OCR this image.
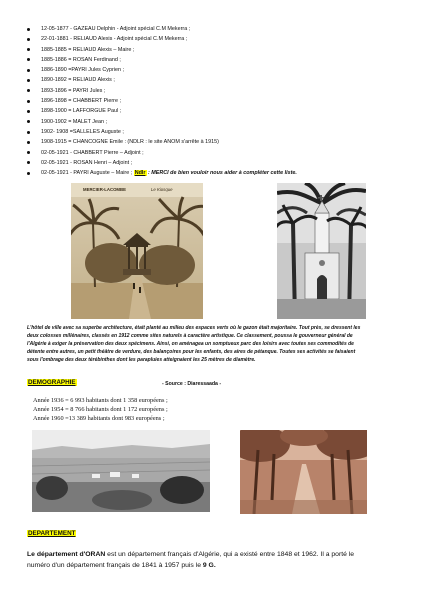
12-05-1877 - GAZEAU Delphin - Adjoint spécial C.M Mekerra ;
22-01-1881 - RELIAUD Alexis - Adjoint spécial C.M Mekerra ;
1885-1885 = RELIAUD Alexis – Maire ;
1885-1886 = ROSAN Ferdinand ;
1886-1890 =PAYRI Jules Cyprien ;
1890-1892 = RELIAUD Alexis ;
1893-1896 = PAYRI Jules ;
1896-1898 = CHABBERT Pierre ;
1898-1900 = LAFFORGUE Paul ;
1900-1902 = MALET Jean ;
1902- 1908 =SALLELES Auguste ;
1908-1915 = CHANCOGNE Emile : (NDLR : le site ANOM s'arrête à 1915)
02-05-1921 - CHABBERT Pierre – Adjoint ;
02-05-1921 - ROSAN Henri – Adjoint ;
02-05-1921 - PAYRI Auguste – Maire ; Ndlr : MERCI de bien vouloir nous aider à compléter cette liste.
MERCIER-LACOMBE	Le Kiosque
L'hôtel de ville avec sa superbe architecture, était planté au milieu des espaces verts où le gazon était majoritaire. Tout près, se dressent les
deux colosses millénaires, classés en 1912 comme sites naturels à caractère artistique. Ce classement, poussa le gouverneur général de
l'Algérie à exiger la préservation des deux spécimens. Ainsi, on aménagea un somptueux parc des loisirs avec toutes ses commodités de
détente entre autres, un petit théâtre de verdure, des balançoires pour les enfants, des aires de pétanque. Toutes ses activités se faisaient
sous l'ombrage des deux térébinthes dont les parapluies atteignaient les 25 mètres de diamètre.
DEMOGRAPHIE	- Source : Diaressaada -
Année 1936 = 6 993 habitants dont 1 358 européens ;
Année 1954 = 8 766 habitants dont 1 172 européens ;
Année 1960 =13 389 habitants dont 983 européens ;
DEPARTEMENT
Le département d'ORAN est un département français d'Algérie, qui a existé entre 1848 et 1962. Il a porté le
numéro d'un département français de 1841 à 1957 puis le 9 G.
